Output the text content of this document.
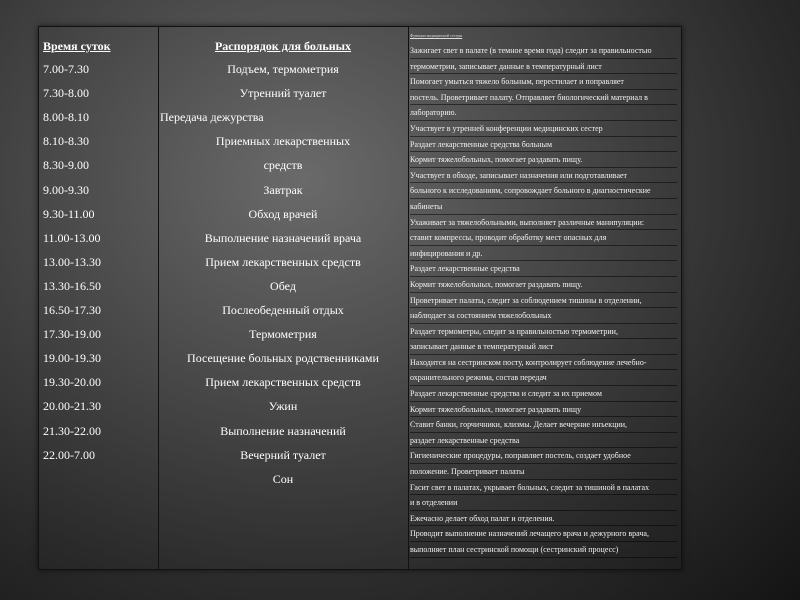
Время суток
7.00-7.30
7.30-8.00
8.00-8.10
8.10-8.30
8.30-9.00
9.00-9.30
9.30-11.00
11.00-13.00
13.00-13.30
13.30-16.50
16.50-17.30
17.30-19.00
19.00-19.30
19.30-20.00
20.00-21.30
21.30-22.00
22.00-7.00
Распорядок для больных
Подъем, термометрия
Утренний туалет
Передача дежурства
Приемных лекарственных
средств
Завтрак
Обход врачей
Выполнение назначений врача
Прием лекарственных средств
Обед
Послеобеденный отдых
Термометрия
Посещение больных родственниками
Прием лекарственных средств
Ужин
Выполнение назначений
Вечерний туалет
Сон
Функции медицинской сестры
Зажигает свет в палате (в темное время года) следит за правильностью
термометрии, записывает данные в температурный лист
Помогает умыться тяжело больным, перестилает и поправляет
постель. Проветривает палату. Отправляет биологический материал в
лабораторию.
Участвует в утренней конференции медицинских сестер
Раздает лекарственные средства больным
Кормит тяжелобольных, помогает раздавать пищу.
Участвует в обходе, записывает назначения или подготавливает
больного к исследованиям, сопровождает больного в диагностические
кабинеты
Ухаживает за тяжелобольными, выполняет различные манипуляции:
ставит компрессы, проводит обработку мест опасных для
инфицирования и др.
Раздает лекарственные средства
Кормит тяжелобольных, помогает раздавать пищу.
Проветривает палаты, следит за соблюдением тишины в отделении,
наблюдает за состоянием тяжелобольных
Раздает термометры, следит за правильностью термометрии,
записывает данные в температурный лист
Находится на сестринском посту, контролирует соблюдение лечебно-
охранительного режима, состав передач
Раздает лекарственные средства и следит за их приемом
Кормит тяжелобольных, помогает раздавать пищу
Ставит банки, горчичники, клизмы. Делает вечерние инъекции,
раздает лекарственные средства
Гигиенические процедуры, поправляет постель, создает удобное
положение. Проветривает палаты
Гасит свет в палатах, укрывает больных, следит за тишиной в палатах
и в отделении
Ежечасно делает обход палат и отделения.
Проводит выполнение назначений лечащего врача и дежурного врача,
выполняет план сестринской помощи (сестринский процесс)
